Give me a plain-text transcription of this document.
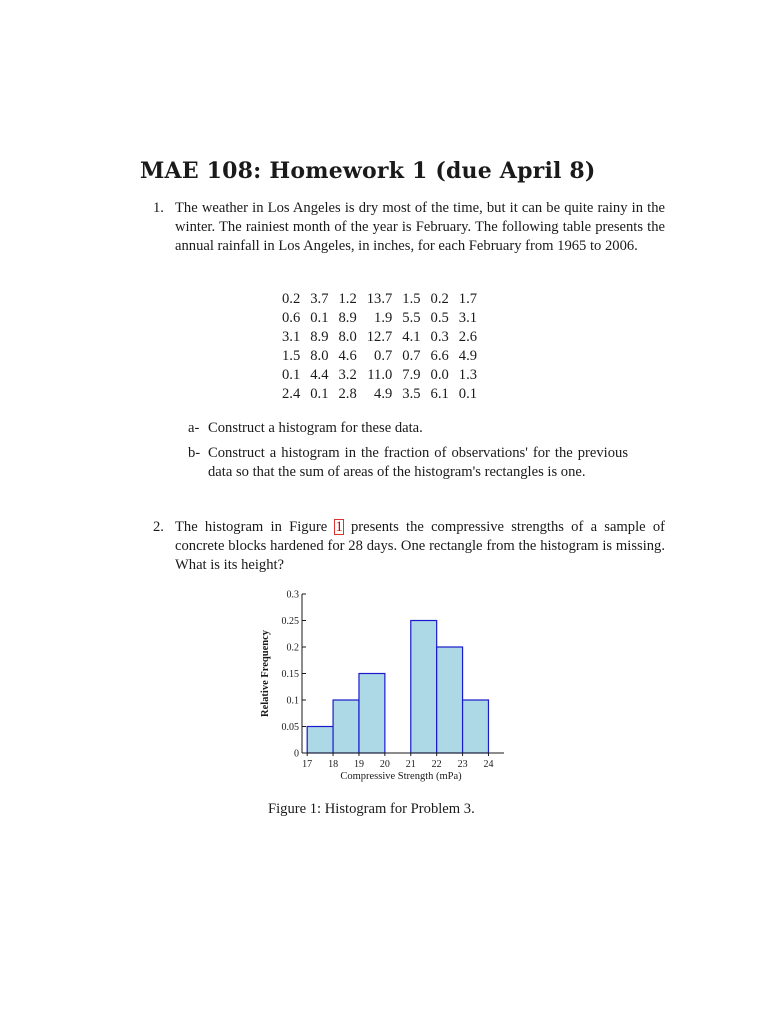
MAE 108: Homework 1 (due April 8)
1. The weather in Los Angeles is dry most of the time, but it can be quite rainy in the winter. The rainiest month of the year is February. The following table presents the annual rainfall in Los Angeles, in inches, for each February from 1965 to 2006.

0.2	3.7	1.2	13.7	1.5	0.2	1.7
0.6	0.1	8.9	1.9	5.5	0.5	3.1
3.1	8.9	8.0	12.7	4.1	0.3	2.6
1.5	8.0	4.6	0.7	0.7	6.6	4.9
0.1	4.4	3.2	11.0	7.9	0.0	1.3
2.4	0.1	2.8	4.9	3.5	6.1	0.1
a- Construct a histogram for these data.

b- Construct a histogram in the fraction of observations' for the previous data so that the sum of areas of the histogram's rectangles is one.

2. The histogram in Figure 1 presents the compressive strengths of a sample of concrete blocks hardened for 28 days. One rectangle from the histogram is missing. What is its height?

0
0.05
0.1
0.15
0.2
0.25
0.3
17 18 19 20 21 22 23 24
Compressive Strength (mPa)
Relative Frequency
Figure 1: Histogram for Problem 3.
